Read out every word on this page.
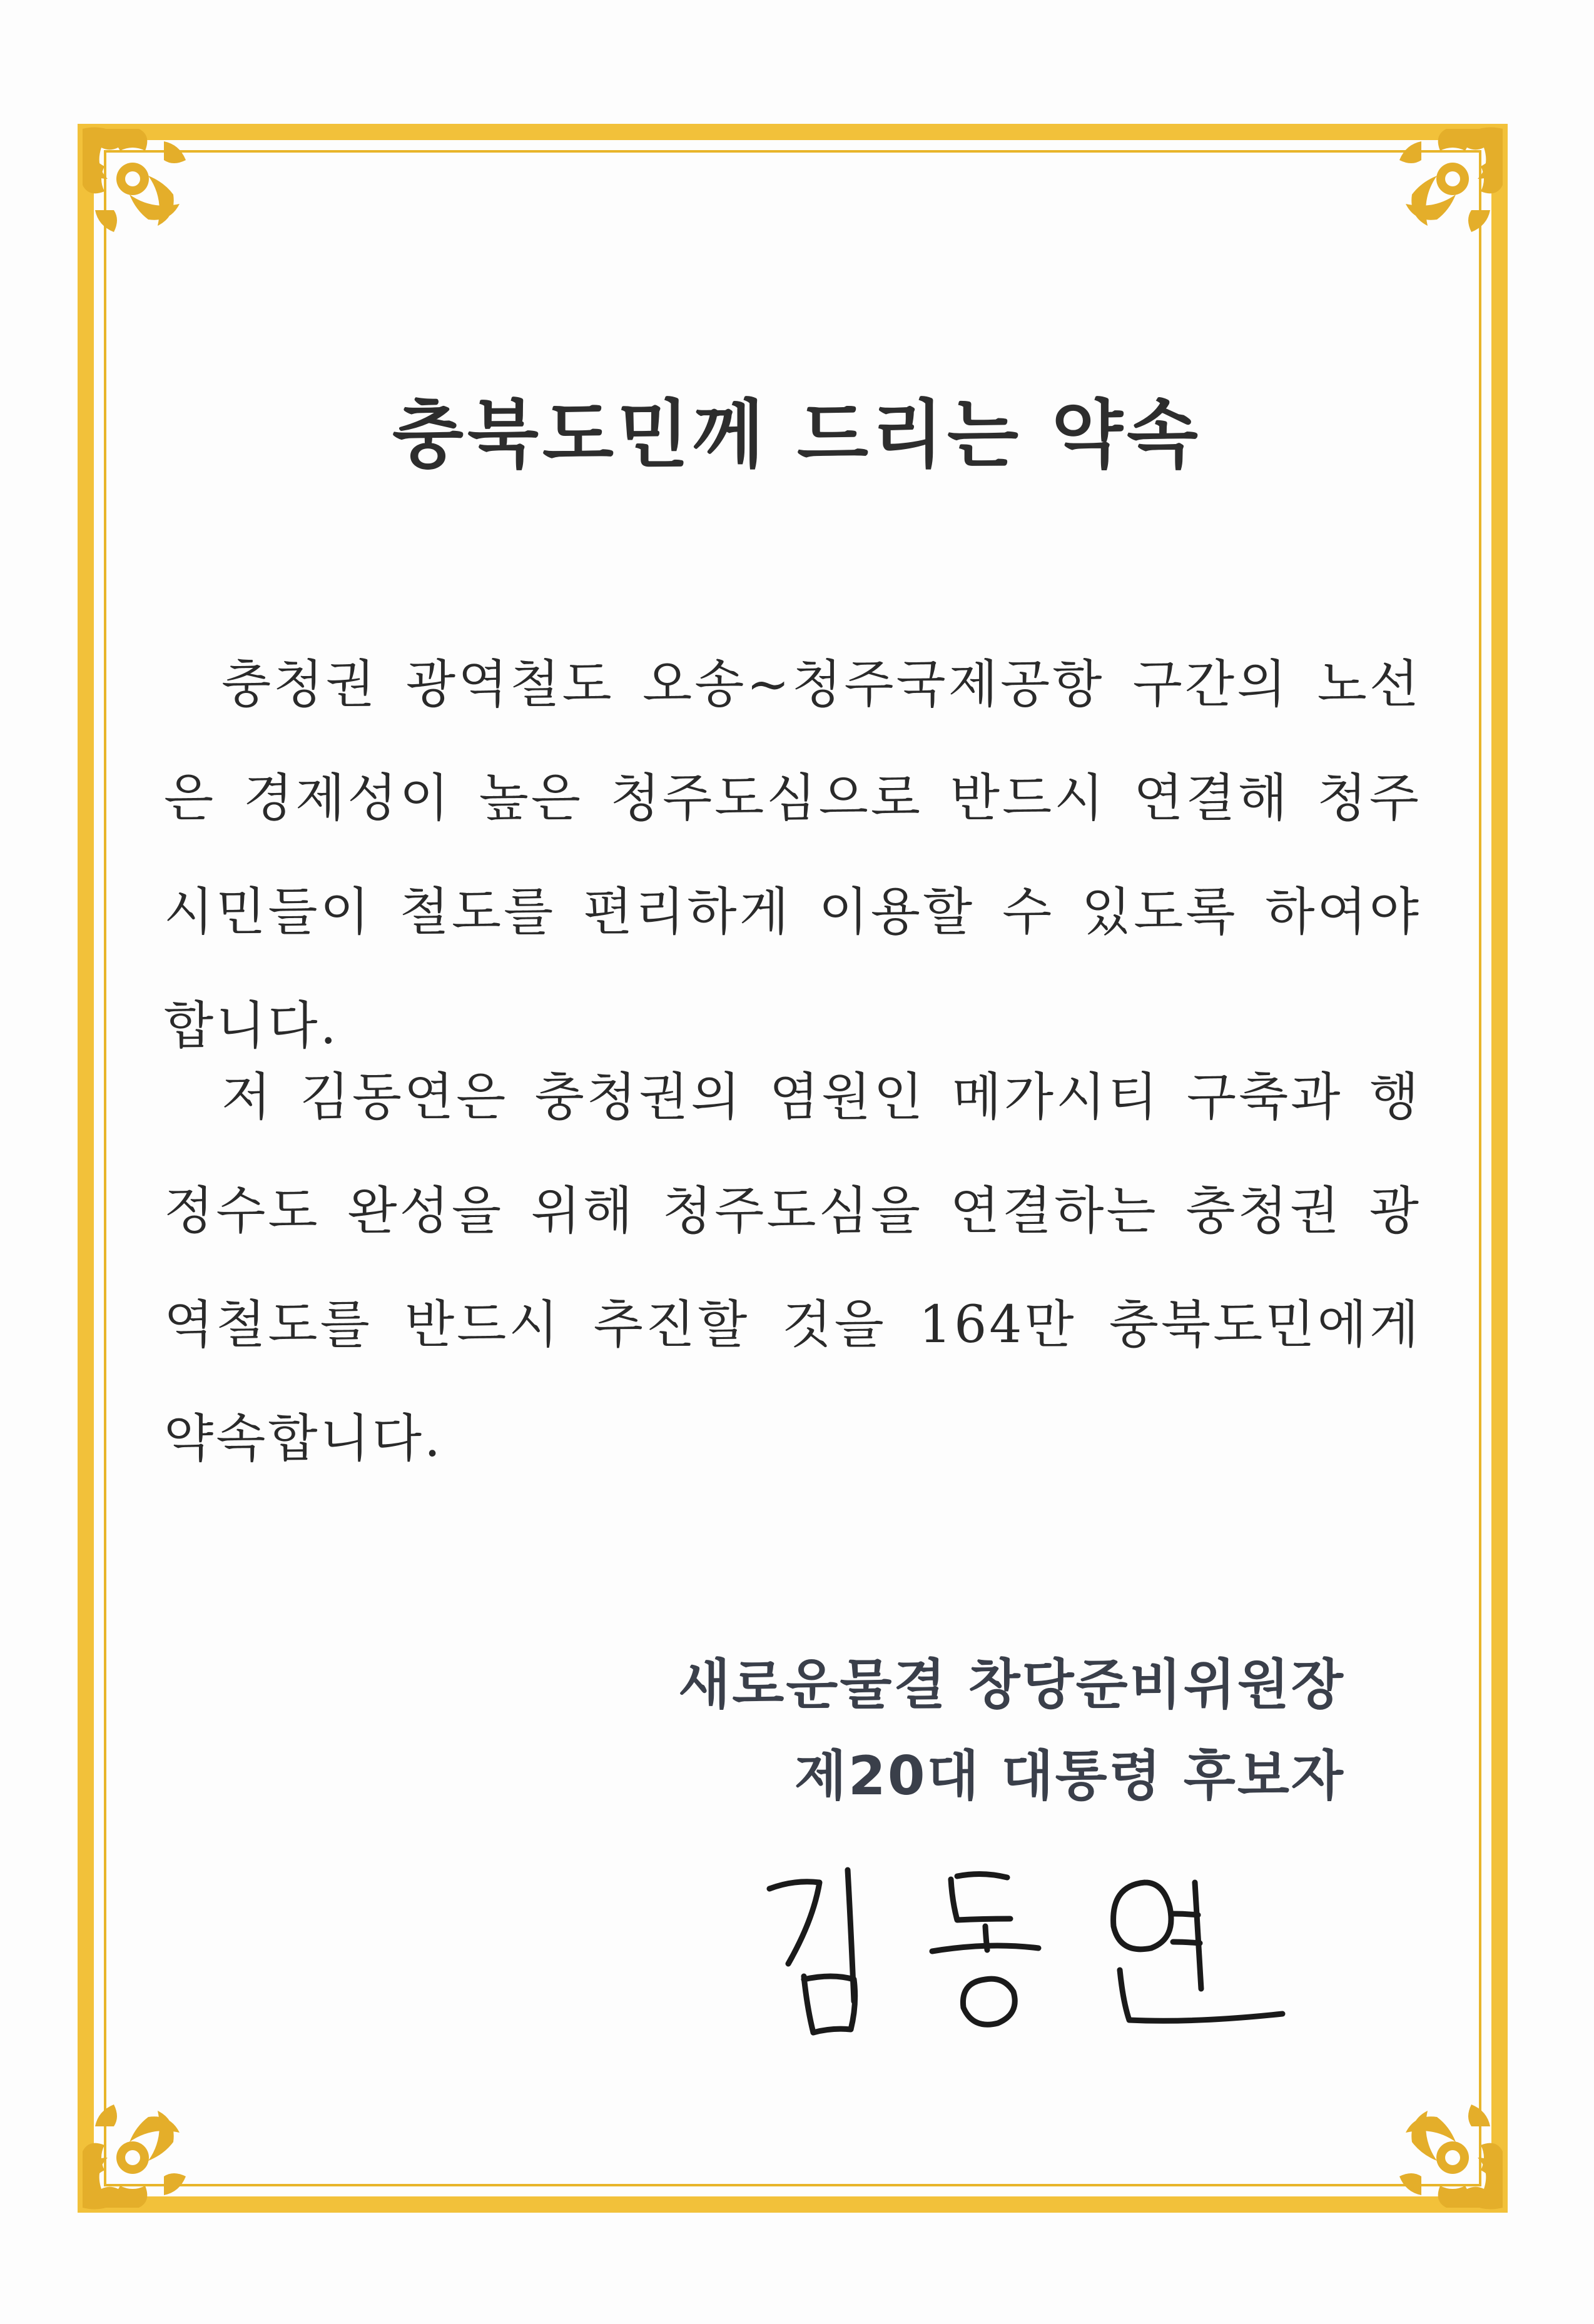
충북도민께 드리는 약속

충청권 광역철도 오송~청주국제공항 구간의 노선은 경제성이 높은 청주도심으로 반드시 연결해 청주시민들이 철도를 편리하게 이용할 수 있도록 하여야 합니다.

저 김동연은 충청권의 염원인 메가시티 구축과 행정수도 완성을 위해 청주도심을 연결하는 충청권 광역철도를 반드시 추진할 것을 164만 충북도민에게 약속합니다.

새로운물결 창당준비위원장
제20대 대통령 후보자
